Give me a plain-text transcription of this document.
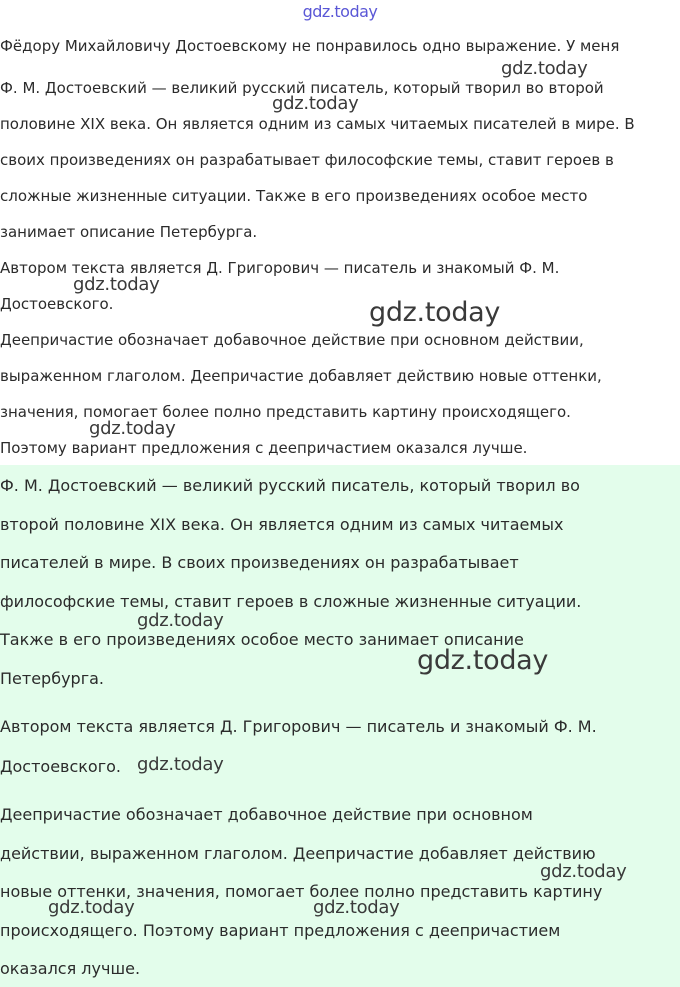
gdz.today

Фёдору Михайловичу Достоевскому не понравилось одно выражение. У меня

Ф. М. Достоевский — великий русский писатель, который творил во второй

половине XIX века. Он является одним из самых читаемых писателей в мире. В

своих произведениях он разрабатывает философские темы, ставит героев в

сложные жизненные ситуации. Также в его произведениях особое место

занимает описание Петербурга.

Автором текста является Д. Григорович — писатель и знакомый Ф. М.

Достоевского.

Деепричастие обозначает добавочное действие при основном действии,

выраженном глаголом. Деепричастие добавляет действию новые оттенки,

значения, помогает более полно представить картину происходящего.

Поэтому вариант предложения с деепричастием оказался лучше.

Ф. М. Достоевский — великий русский писатель, который творил во

второй половине XIX века. Он является одним из самых читаемых

писателей в мире. В своих произведениях он разрабатывает

философские темы, ставит героев в сложные жизненные ситуации.

Также в его произведениях особое место занимает описание

Петербурга.

Автором текста является Д. Григорович — писатель и знакомый Ф. М.

Достоевского.

Деепричастие обозначает добавочное действие при основном

действии, выраженном глаголом. Деепричастие добавляет действию

новые оттенки, значения, помогает более полно представить картину

происходящего. Поэтому вариант предложения с деепричастием

оказался лучше.

gdz.today
gdz.today
gdz.today
gdz.today
gdz.today
gdz.today
gdz.today
gdz.today
gdz.today
gdz.today	gdz.today
